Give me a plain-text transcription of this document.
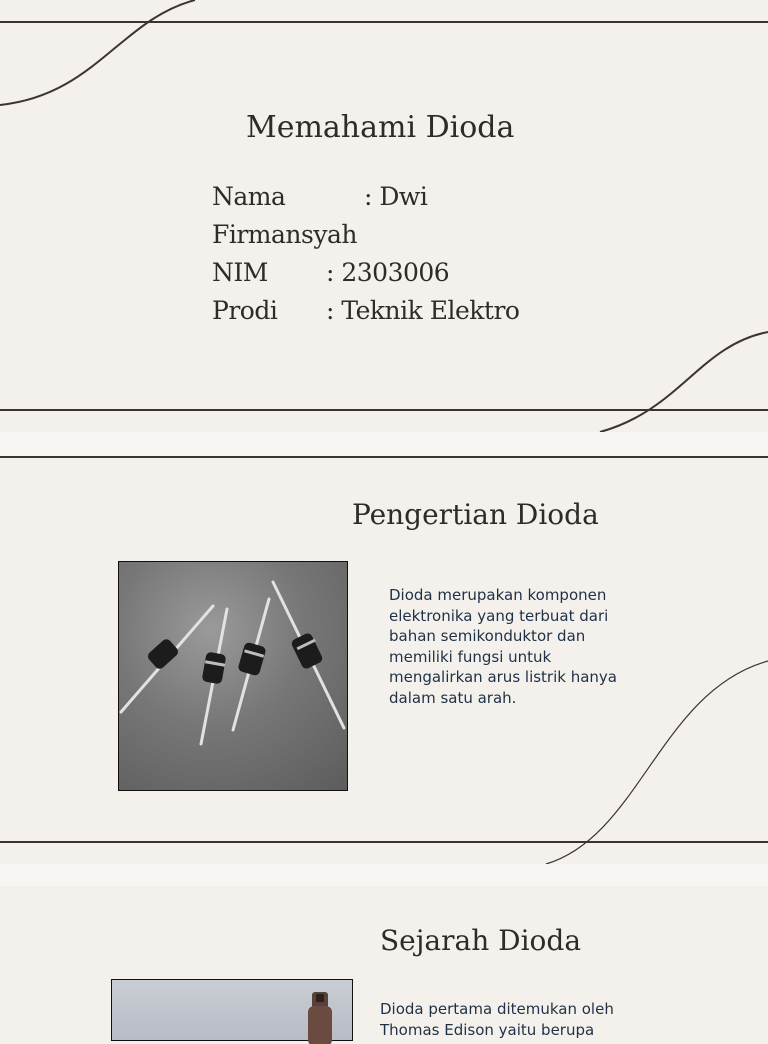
Memahami Dioda
Nama	: Dwi
Firmansyah
NIM : 2303006
Prodi : Teknik Elektro
Pengertian Dioda
Dioda merupakan komponen
elektronika yang terbuat dari
bahan semikonduktor dan
memiliki fungsi untuk
mengalirkan arus listrik hanya
dalam satu arah.
Sejarah Dioda
Dioda pertama ditemukan oleh
Thomas Edison yaitu berupa
